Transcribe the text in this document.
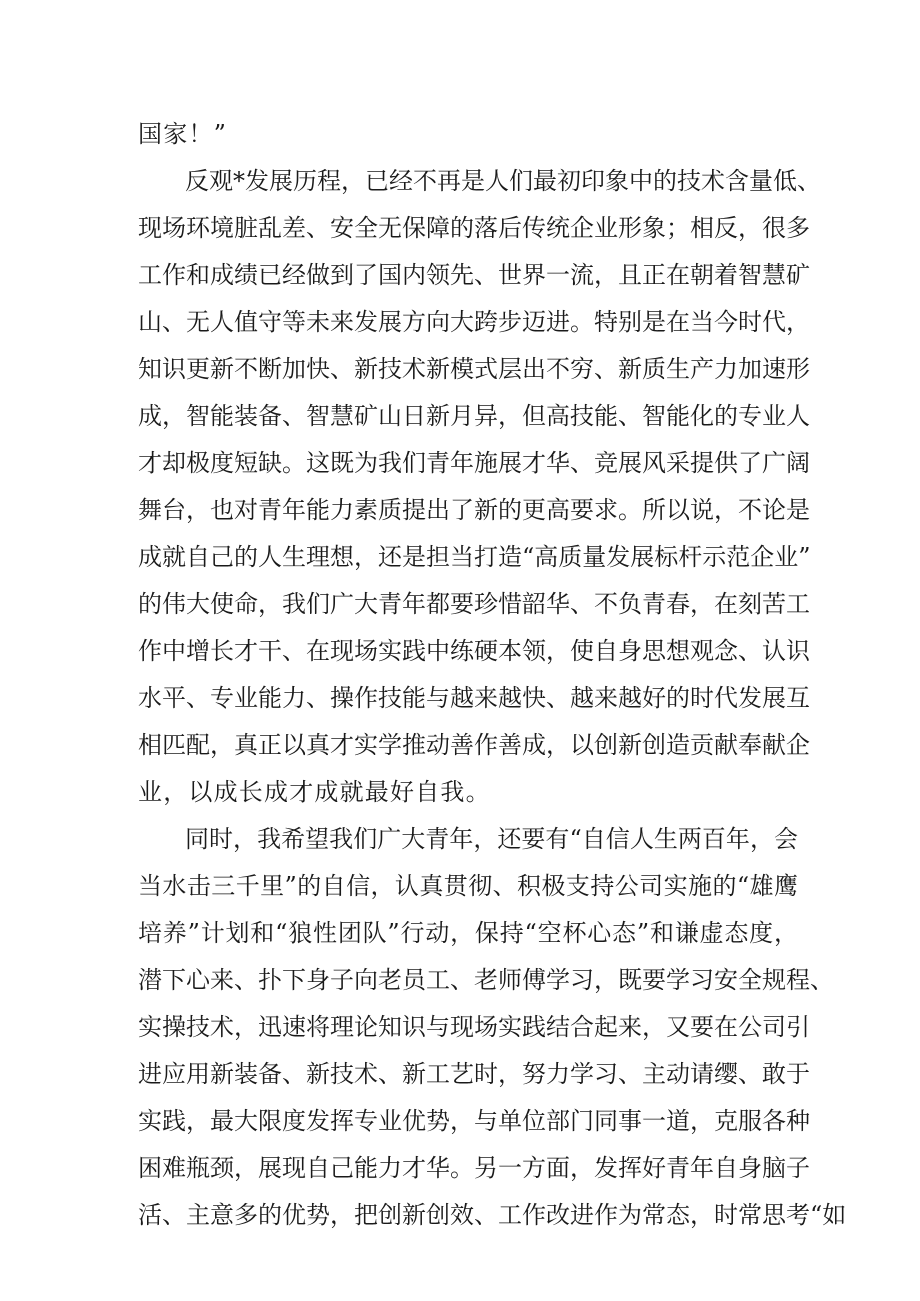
国家！”
反观*发展历程，已经不再是人们最初印象中的技术含量低、
现场环境脏乱差、安全无保障的落后传统企业形象；相反，很多
工作和成绩已经做到了国内领先、世界一流，且正在朝着智慧矿
山、无人值守等未来发展方向大跨步迈进。特别是在当今时代，
知识更新不断加快、新技术新模式层出不穷、新质生产力加速形
成，智能装备、智慧矿山日新月异，但高技能、智能化的专业人
才却极度短缺。这既为我们青年施展才华、竞展风采提供了广阔
舞台，也对青年能力素质提出了新的更高要求。所以说，不论是
成就自己的人生理想，还是担当打造“高质量发展标杆示范企业”
的伟大使命，我们广大青年都要珍惜韶华、不负青春，在刻苦工
作中增长才干、在现场实践中练硬本领，使自身思想观念、认识
水平、专业能力、操作技能与越来越快、越来越好的时代发展互
相匹配，真正以真才实学推动善作善成，以创新创造贡献奉献企
业，以成长成才成就最好自我。
同时，我希望我们广大青年，还要有“自信人生两百年，会
当水击三千里”的自信，认真贯彻、积极支持公司实施的“雄鹰
培养”计划和“狼性团队”行动，保持“空杯心态”和谦虚态度，
潜下心来、扑下身子向老员工、老师傅学习，既要学习安全规程、
实操技术，迅速将理论知识与现场实践结合起来，又要在公司引
进应用新装备、新技术、新工艺时，努力学习、主动请缨、敢于
实践，最大限度发挥专业优势，与单位部门同事一道，克服各种
困难瓶颈，展现自己能力才华。另一方面，发挥好青年自身脑子
活、主意多的优势，把创新创效、工作改进作为常态，时常思考“如
